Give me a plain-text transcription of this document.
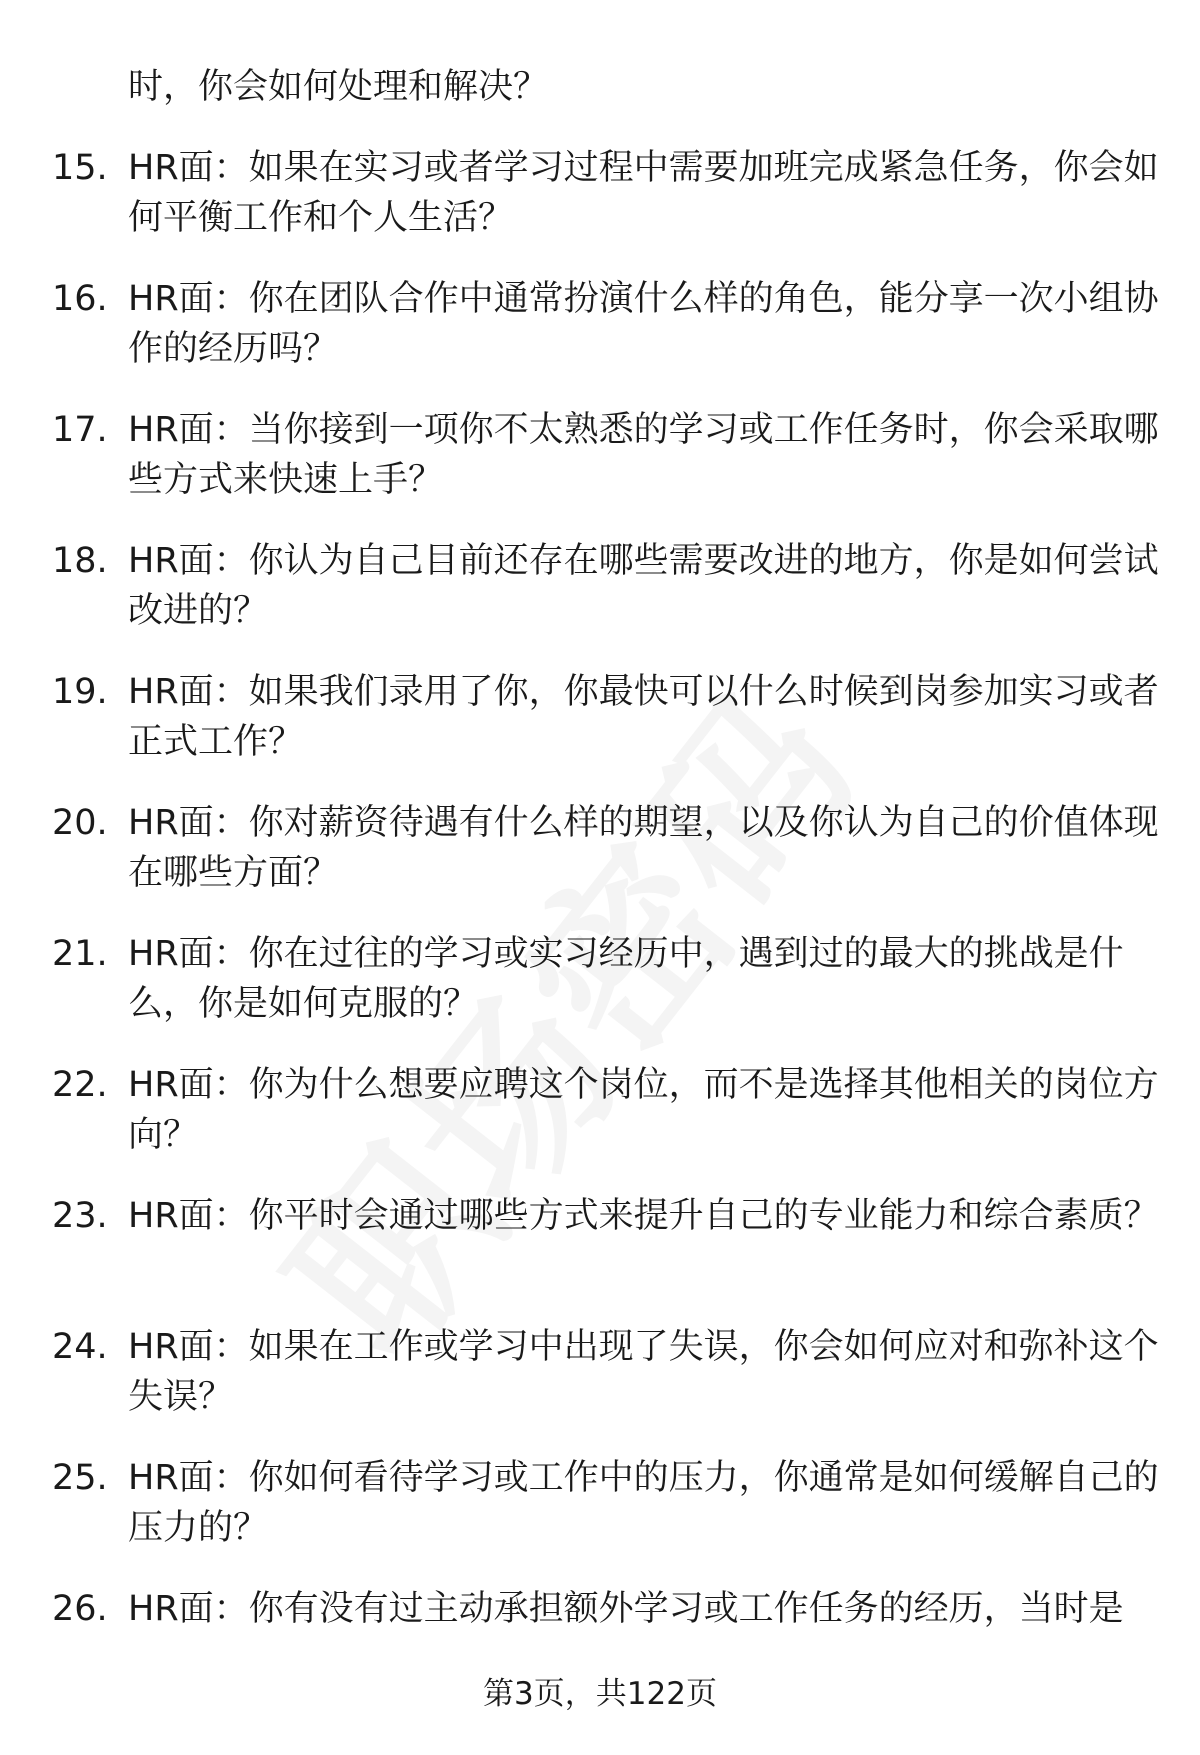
时，你会如何处理和解决？

15. HR面：如果在实习或者学习过程中需要加班完成紧急任务，你会如何平衡工作和个人生活？
16. HR面：你在团队合作中通常扮演什么样的角色，能分享一次小组协作的经历吗？
17. HR面：当你接到一项你不太熟悉的学习或工作任务时，你会采取哪些方式来快速上手？
18. HR面：你认为自己目前还存在哪些需要改进的地方，你是如何尝试改进的？
19. HR面：如果我们录用了你，你最快可以什么时候到岗参加实习或者正式工作？
20. HR面：你对薪资待遇有什么样的期望，以及你认为自己的价值体现在哪些方面？
21. HR面：你在过往的学习或实习经历中，遇到过的最大的挑战是什么，你是如何克服的？
22. HR面：你为什么想要应聘这个岗位，而不是选择其他相关的岗位方向？
23. HR面：你平时会通过哪些方式来提升自己的专业能力和综合素质？
24. HR面：如果在工作或学习中出现了失误，你会如何应对和弥补这个失误？
25. HR面：你如何看待学习或工作中的压力，你通常是如何缓解自己的压力的？
26. HR面：你有没有过主动承担额外学习或工作任务的经历，当时是
第3页，共122页
